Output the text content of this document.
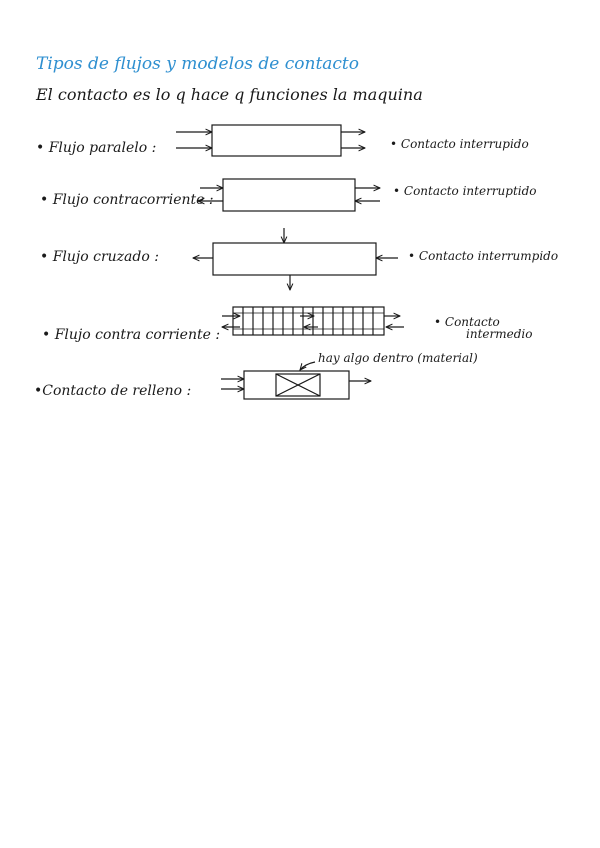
Tipos de flujos y modelos de contacto
El contacto es lo q hace q funciones la maquina
• Flujo paralelo :	• Contacto interrupido
• Flujo contracorriente :
• Contacto interruptido
• Flujo cruzado :	• Contacto interrumpido
• Flujo contra corriente :
• Contacto
intermedio
•Contacto de relleno :
hay algo dentro (material)
